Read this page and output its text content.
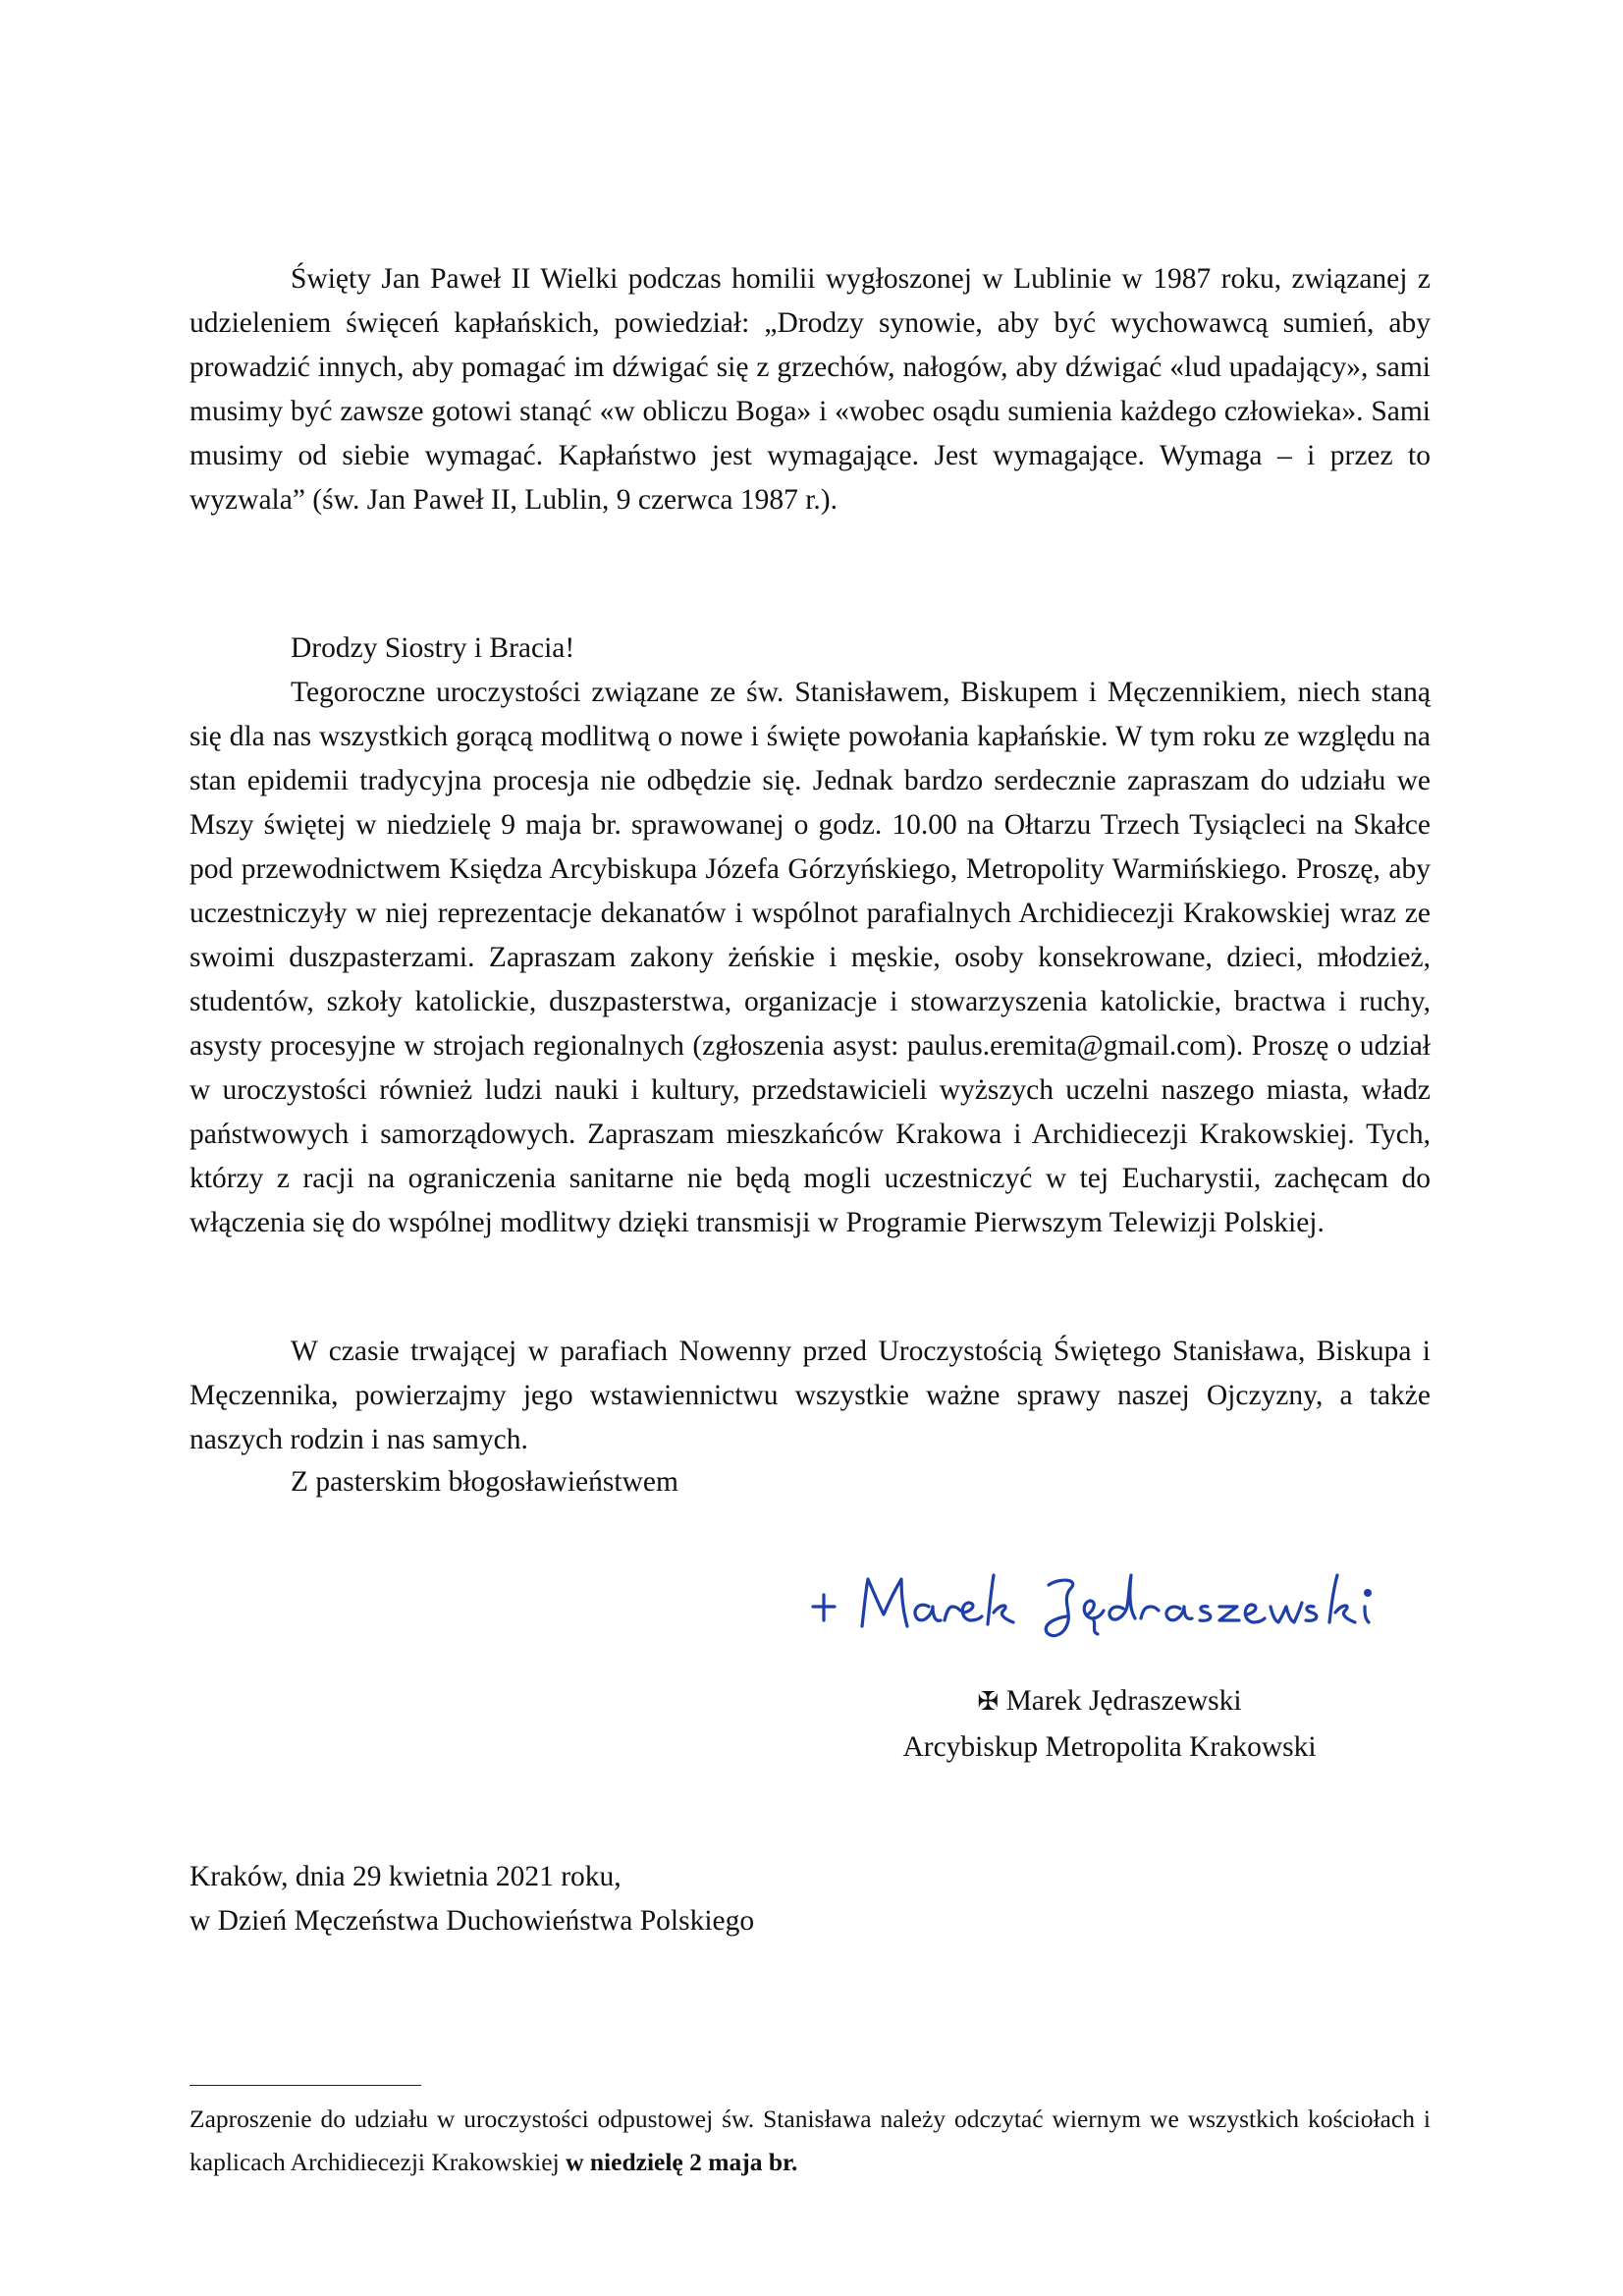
Święty Jan Paweł II Wielki podczas homilii wygłoszonej w Lublinie w 1987 roku, związanej z udzieleniem święceń kapłańskich, powiedział: „Drodzy synowie, aby być wychowawcą sumień, aby prowadzić innych, aby pomagać im dźwigać się z grzechów, nałogów, aby dźwigać «lud upadający», sami musimy być zawsze gotowi stanąć «w obliczu Boga» i «wobec osądu sumienia każdego człowieka». Sami musimy od siebie wymagać. Kapłaństwo jest wymagające. Jest wymagające. Wymaga – i przez to wyzwala” (św. Jan Paweł II, Lublin, 9 czerwca 1987 r.).

Drodzy Siostry i Bracia!

Tegoroczne uroczystości związane ze św. Stanisławem, Biskupem i Męczennikiem, niech staną się dla nas wszystkich gorącą modlitwą o nowe i święte powołania kapłańskie. W tym roku ze względu na stan epidemii tradycyjna procesja nie odbędzie się. Jednak bardzo serdecznie zapraszam do udziału we Mszy świętej w niedzielę 9 maja br. sprawowanej o godz. 10.00 na Ołtarzu Trzech Tysiącleci na Skałce pod przewodnictwem Księdza Arcybiskupa Józefa Górzyńskiego, Metropolity Warmińskiego. Proszę, aby uczestniczyły w niej reprezentacje dekanatów i wspólnot parafialnych Archidiecezji Krakowskiej wraz ze swoimi duszpasterzami. Zapraszam zakony żeńskie i męskie, osoby konsekrowane, dzieci, młodzież, studentów, szkoły katolickie, duszpasterstwa, organizacje i stowarzyszenia katolickie, bractwa i ruchy, asysty procesyjne w strojach regionalnych (zgłoszenia asyst: paulus.eremita@gmail.com). Proszę o udział w uroczystości również ludzi nauki i kultury, przedstawicieli wyższych uczelni naszego miasta, władz państwowych i samorządowych. Zapraszam mieszkańców Krakowa i Archidiecezji Krakowskiej. Tych, którzy z racji na ograniczenia sanitarne nie będą mogli uczestniczyć w tej Eucharystii, zachęcam do włączenia się do wspólnej modlitwy dzięki transmisji w Programie Pierwszym Telewizji Polskiej.

W czasie trwającej w parafiach Nowenny przed Uroczystością Świętego Stanisława, Biskupa i Męczennika, powierzajmy jego wstawiennictwu wszystkie ważne sprawy naszej Ojczyzny, a także naszych rodzin i nas samych.

Z pasterskim błogosławieństwem

✠ Marek Jędraszewski
Arcybiskup Metropolita Krakowski
Kraków, dnia 29 kwietnia 2021 roku,
w Dzień Męczeństwa Duchowieństwa Polskiego

Zaproszenie do udziału w uroczystości odpustowej św. Stanisława należy odczytać wiernym we wszystkich kościołach i kaplicach Archidiecezji Krakowskiej w niedzielę 2 maja br.
